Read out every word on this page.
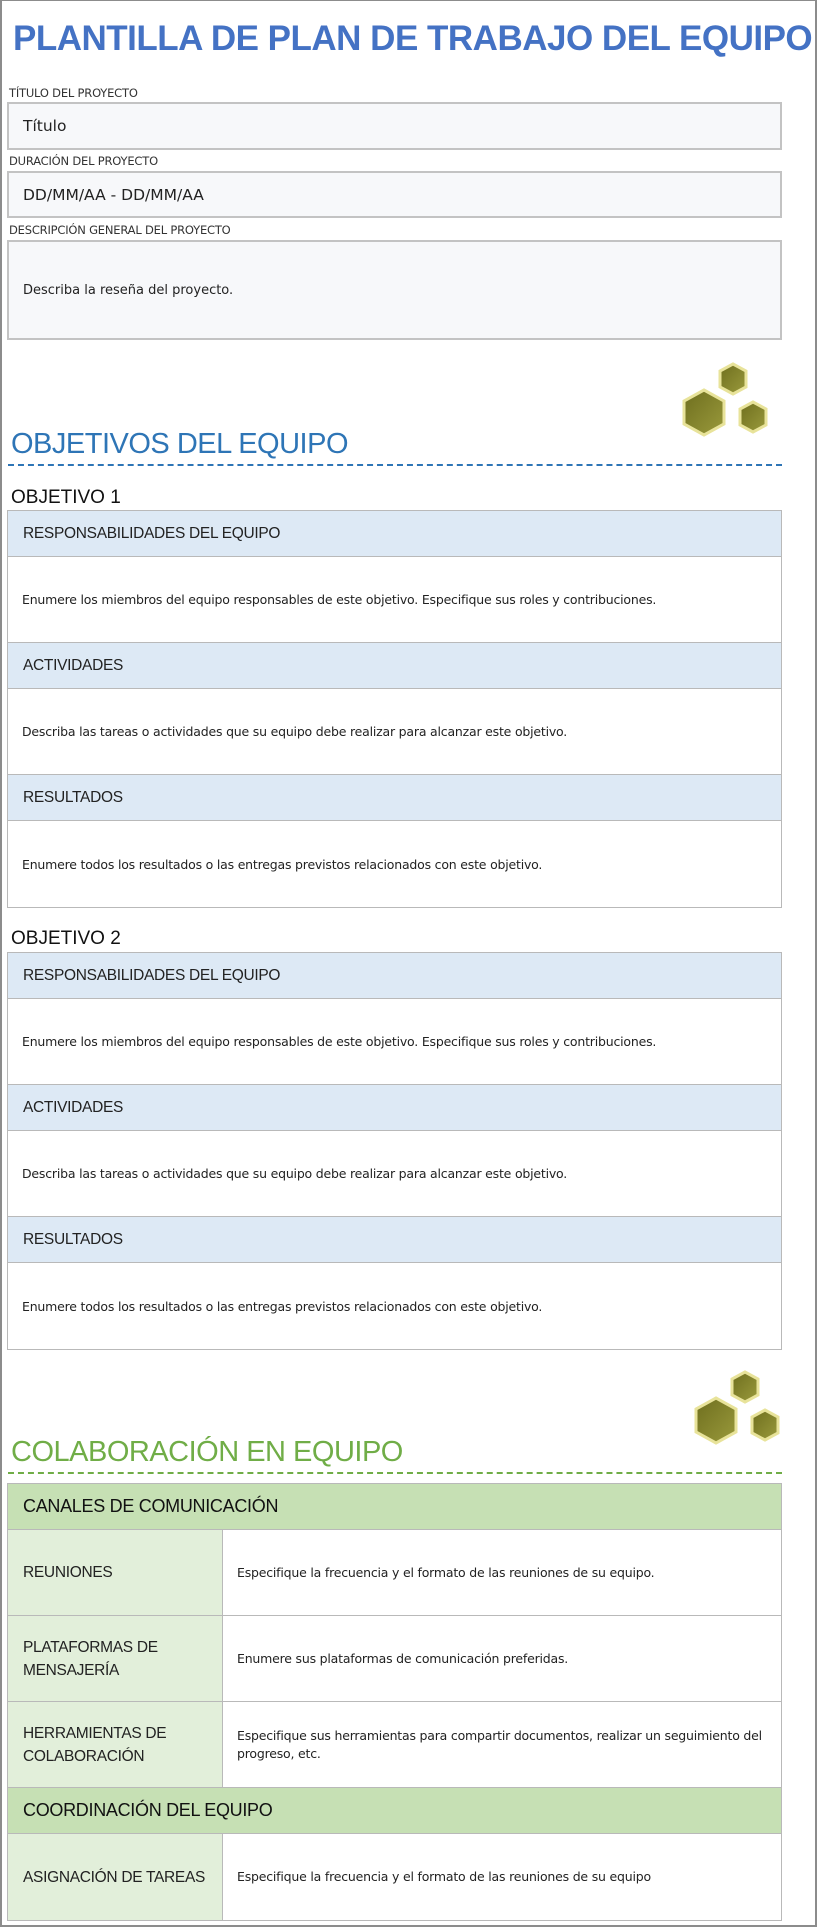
PLANTILLA DE PLAN DE TRABAJO DEL EQUIPO
TÍTULO DEL PROYECTO
Título
DURACIÓN DEL PROYECTO
DD/MM/AA - DD/MM/AA
DESCRIPCIÓN GENERAL DEL PROYECTO
Describa la reseña del proyecto.
OBJETIVOS DEL EQUIPO
OBJETIVO 1
RESPONSABILIDADES DEL EQUIPO
Enumere los miembros del equipo responsables de este objetivo. Especifique sus roles y contribuciones.
ACTIVIDADES
Describa las tareas o actividades que su equipo debe realizar para alcanzar este objetivo.
RESULTADOS
Enumere todos los resultados o las entregas previstos relacionados con este objetivo.
OBJETIVO 2
RESPONSABILIDADES DEL EQUIPO
Enumere los miembros del equipo responsables de este objetivo. Especifique sus roles y contribuciones.
ACTIVIDADES
Describa las tareas o actividades que su equipo debe realizar para alcanzar este objetivo.
RESULTADOS
Enumere todos los resultados o las entregas previstos relacionados con este objetivo.
COLABORACIÓN EN EQUIPO
CANALES DE COMUNICACIÓN
REUNIONES	Especifique la frecuencia y el formato de las reuniones de su equipo.
PLATAFORMAS DE MENSAJERÍA
Enumere sus plataformas de comunicación preferidas.
HERRAMIENTAS DE COLABORACIÓN
Especifique sus herramientas para compartir documentos, realizar un seguimiento del progreso, etc.
COORDINACIÓN DEL EQUIPO
ASIGNACIÓN DE TAREAS	Especifique la frecuencia y el formato de las reuniones de su equipo
